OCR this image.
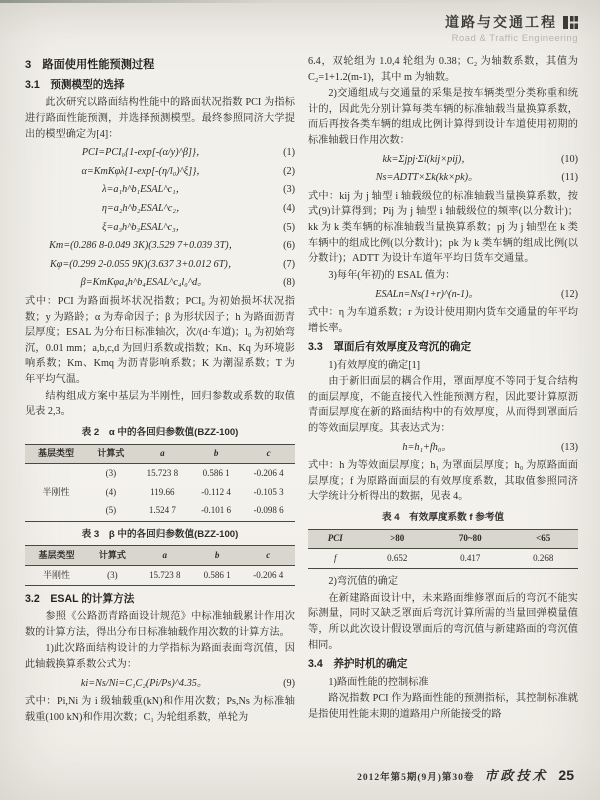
道路与交通工程
Road & Traffic Engineering
3　路面使用性能预测过程
3.1　预测模型的选择

此次研究以路面结构性能中的路面状况指数 PCI 为指标进行路面性能预测，并选择预测模型。最终参照同济大学提出的模型确定为[4]：

PCI=PCI₀{1-exp[-(α/y)^β]}，	(1)
α=KmKφλ{1-exp[-(η/l₀)^ξ]}，	(2)
λ=a₁h^b₁ESAL^c₁，	(3)
η=a₂h^b₂ESAL^c₂，	(4)
ξ=a₃h^b₃ESAL^c₃，	(5)
Km=(0.286 8-0.049 3K)(3.529 7+0.039 3T)，	(6)
Kφ=(0.299 2-0.055 9K)(3.637 3+0.012 6T)，	(7)
β=KmKφa₄h^b₄ESAL^c₄l₀^d。	(8)

式中：PCI 为路面损坏状况指数；PCI₀ 为初始损坏状况指数；y 为路龄；α 为寿命因子；β 为形状因子；h 为路面沥青层厚度；ESAL 为分布日标准轴次，次/(d·车道)；l₀ 为初始弯沉，0.01 mm；a,b,c,d 为回归系数或指数；Kn、Kq 为环境影响系数；Km、Kmq 为沥青影响系数；K 为潮湿系数；T 为年平均气温。

结构组成方案中基层为半刚性，回归参数或系数的取值见表 2,3。

表 2　α 中的各回归参数值(BZZ-100)
基层类型	计算式	a	b	c
半刚性	(3)	15.723 8	0.586 1	-0.206 4
	(4)	119.66	-0.112 4	-0.105 3
	(5)	1.524 7	-0.101 6	-0.098 6
表 3　β 中的各回归参数值(BZZ-100)
基层类型	计算式	a	b	c
半刚性	(3)	15.723 8	0.586 1	-0.206 4
3.2　ESAL 的计算方法

参照《公路沥青路面设计规范》中标准轴载累计作用次数的计算方法，得出分布日标准轴载作用次数的计算方法。

1)此次路面结构设计的力学指标为路面表面弯沉值，因此轴载换算系数公式为：

ki=Ns/Ni=C₁C₂(Pi/Ps)^4.35。	(9)

式中：Pi,Ni 为 i 级轴载重(kN)和作用次数；Ps,Ns 为标准轴载重(100 kN)和作用次数；C₁ 为轮组系数，单轮为

6.4，双轮组为 1.0,4 轮组为 0.38；C₂ 为轴数系数，其值为 C₂=1+1.2(m-1)，其中 m 为轴数。

2)交通组成与交通量的采集是按车辆类型分类称重和统计的，因此先分别计算每类车辆的标准轴载当量换算系数，而后再按各类车辆的组成比例计算得到设计车道使用初期的标准轴载日作用次数：

kk=Σjpj·Σi(kij×pij)，	(10)
Ns=ADTT×Σk(kk×pk)。	(11)

式中：kij 为 j 轴型 i 轴载级位的标准轴载当量换算系数，按式(9)计算得到；Pij 为 j 轴型 i 轴载级位的频率(以分数计)；kk 为 k 类车辆的标准轴载当量换算系数；pj 为 j 轴型在 k 类车辆中的组成比例(以分数计)；pk 为 k 类车辆的组成比例(以分数计)；ADTT 为设计车道年平均日货车交通量。

3)每年(年初)的 ESAL 值为：

ESALn=Ns(1+r)^(n-1)。	(12)

式中：η 为车道系数；r 为设计使用期内货车交通量的年平均增长率。

3.3　罩面后有效厚度及弯沉的确定

1)有效厚度的确定[1]

由于新旧面层的耦合作用，罩面厚度不等同于复合结构的面层厚度，不能直接代入性能预测方程，因此要计算原沥青面层厚度在新的路面结构中的有效厚度，从而得到罩面后的等效面层厚度。其表达式为：

h=h₁+fh₀。	(13)

式中：h 为等效面层厚度；h₁ 为罩面层厚度；h₀ 为原路面面层厚度；f 为原路面面层的有效厚度系数，其取值参照同济大学统计分析得出的数据，见表 4。

表 4　有效厚度系数 f 参考值
PCI	>80	70~80	<65
f	0.652	0.417	0.268

2)弯沉值的确定

在新建路面设计中，未来路面维修罩面后的弯沉不能实际测量，同时又缺乏罩面后弯沉计算所需的当量回弹模量值等，所以此次设计假设罩面后的弯沉值与新建路面的弯沉值相同。

3.4　养护时机的确定

1)路面性能的控制标准

路况指数 PCI 作为路面性能的预测指标，其控制标准就是指使用性能末期的道路用户所能接受的路

2012年第5期(9月)第30卷 市政技术 25
